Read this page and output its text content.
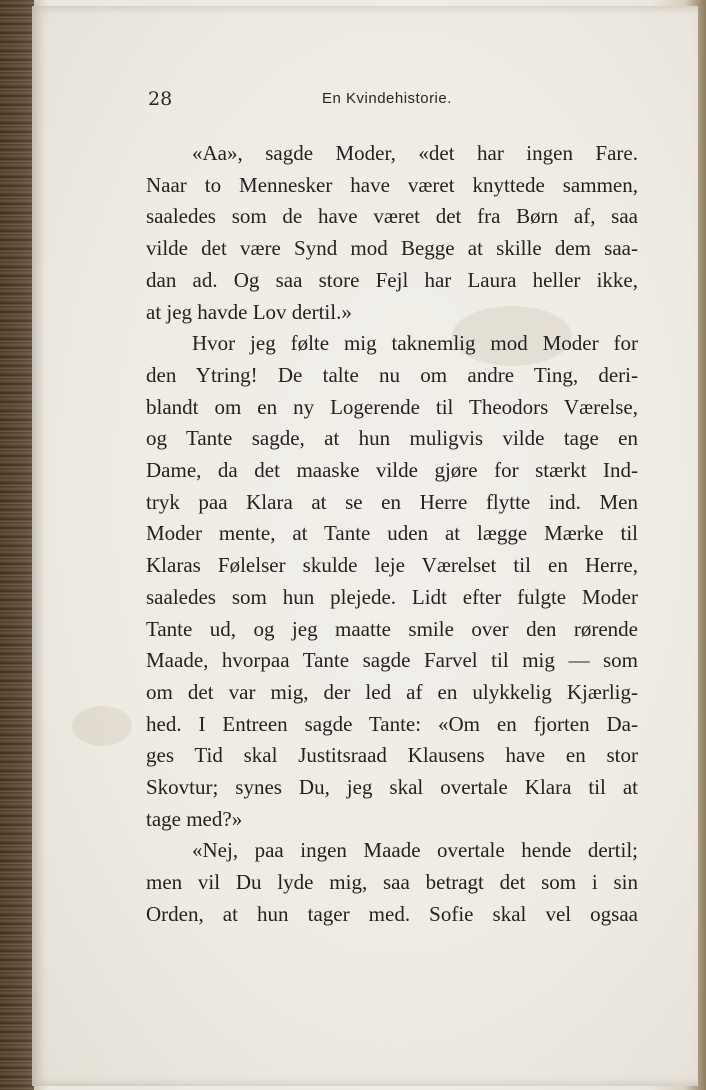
28	En Kvindehistorie.
«Aa», sagde Moder, «det har ingen Fare.
Naar to Mennesker have været knyttede sammen,
saaledes som de have været det fra Børn af, saa
vilde det være Synd mod Begge at skille dem saa-
dan ad. Og saa store Fejl har Laura heller ikke,
at jeg havde Lov dertil.»
Hvor jeg følte mig taknemlig mod Moder for
den Ytring! De talte nu om andre Ting, deri-
blandt om en ny Logerende til Theodors Værelse,
og Tante sagde, at hun muligvis vilde tage en
Dame, da det maaske vilde gjøre for stærkt Ind-
tryk paa Klara at se en Herre flytte ind. Men
Moder mente, at Tante uden at lægge Mærke til
Klaras Følelser skulde leje Værelset til en Herre,
saaledes som hun plejede. Lidt efter fulgte Moder
Tante ud, og jeg maatte smile over den rørende
Maade, hvorpaa Tante sagde Farvel til mig — som
om det var mig, der led af en ulykkelig Kjærlig-
hed. I Entreen sagde Tante: «Om en fjorten Da-
ges Tid skal Justitsraad Klausens have en stor
Skovtur; synes Du, jeg skal overtale Klara til at
tage med?»
«Nej, paa ingen Maade overtale hende dertil;
men vil Du lyde mig, saa betragt det som i sin
Orden, at hun tager med. Sofie skal vel ogsaa
